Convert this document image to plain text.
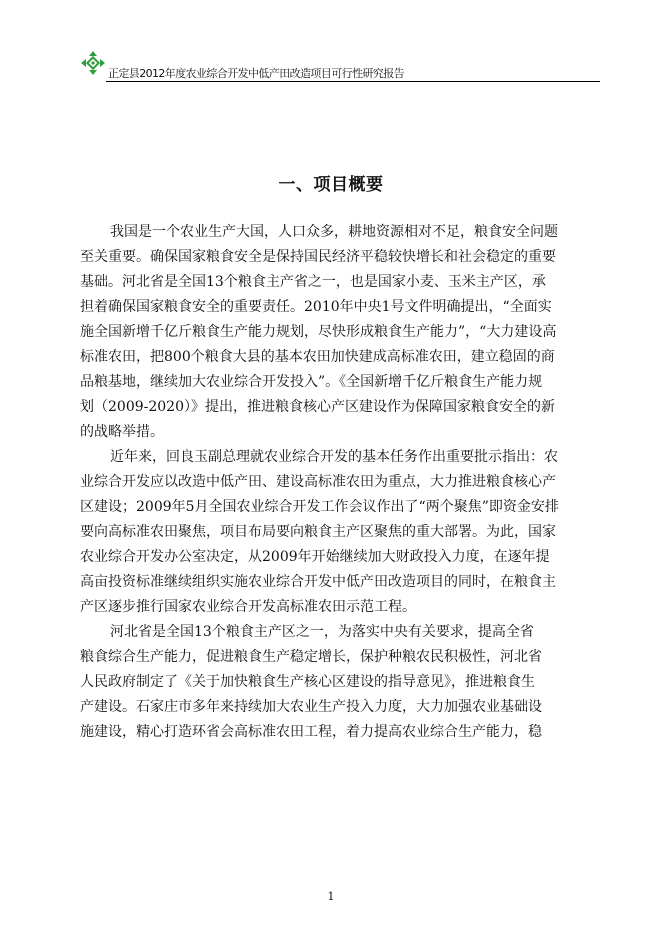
正定县2012年度农业综合开发中低产田改造项目可行性研究报告
一、项目概要

我国是一个农业生产大国，人口众多，耕地资源相对不足，粮食安全问题
至关重要。确保国家粮食安全是保持国民经济平稳较快增长和社会稳定的重要
基础。河北省是全国13个粮食主产省之一，也是国家小麦、玉米主产区，承
担着确保国家粮食安全的重要责任。2010年中央1号文件明确提出，“全面实
施全国新增千亿斤粮食生产能力规划，尽快形成粮食生产能力”，“大力建设高
标准农田，把800个粮食大县的基本农田加快建成高标准农田，建立稳固的商
品粮基地，继续加大农业综合开发投入”。《全国新增千亿斤粮食生产能力规
划（2009-2020）》提出，推进粮食核心产区建设作为保障国家粮食安全的新
的战略举措。

近年来，回良玉副总理就农业综合开发的基本任务作出重要批示指出：农
业综合开发应以改造中低产田、建设高标准农田为重点，大力推进粮食核心产
区建设；2009年5月全国农业综合开发工作会议作出了“两个聚焦”即资金安排
要向高标准农田聚焦，项目布局要向粮食主产区聚焦的重大部署。为此，国家
农业综合开发办公室决定，从2009年开始继续加大财政投入力度，在逐年提
高亩投资标准继续组织实施农业综合开发中低产田改造项目的同时，在粮食主
产区逐步推行国家农业综合开发高标准农田示范工程。

河北省是全国13个粮食主产区之一，为落实中央有关要求，提高全省
粮食综合生产能力，促进粮食生产稳定增长，保护种粮农民积极性，河北省
人民政府制定了《关于加快粮食生产核心区建设的指导意见》，推进粮食生
产建设。石家庄市多年来持续加大农业生产投入力度，大力加强农业基础设
施建设，精心打造环省会高标准农田工程，着力提高农业综合生产能力，稳

1
